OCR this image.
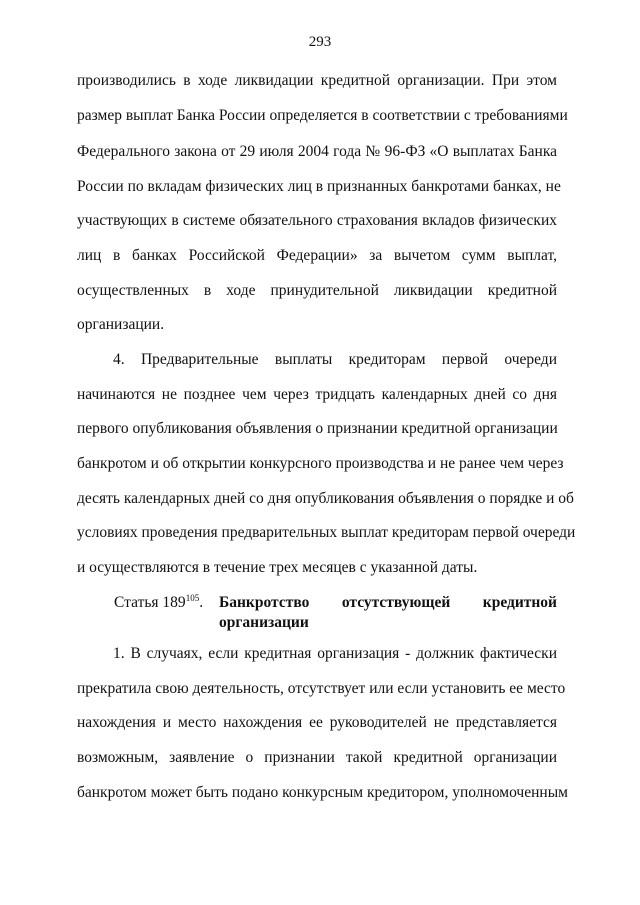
293
производились в ходе ликвидации кредитной организации. При этом
размер выплат Банка России определяется в соответствии с требованиями
Федерального закона от 29 июля 2004 года № 96-ФЗ «О выплатах Банка
России по вкладам физических лиц в признанных банкротами банках, не
участвующих в системе обязательного страхования вкладов физических
лиц в банках Российской Федерации» за вычетом сумм выплат,
осуществленных в ходе принудительной ликвидации кредитной
организации.
4. Предварительные выплаты кредиторам первой очереди
начинаются не позднее чем через тридцать календарных дней со дня
первого опубликования объявления о признании кредитной организации
банкротом и об открытии конкурсного производства и не ранее чем через
десять календарных дней со дня опубликования объявления о порядке и об
условиях проведения предварительных выплат кредиторам первой очереди
и осуществляются в течение трех месяцев с указанной даты.
Статья $189^{105}$. Банкротство отсутствующей кредитной
организации
1. В случаях, если кредитная организация - должник фактически
прекратила свою деятельность, отсутствует или если установить ее место
нахождения и место нахождения ее руководителей не представляется
возможным, заявление о признании такой кредитной организации
банкротом может быть подано конкурсным кредитором, уполномоченным
